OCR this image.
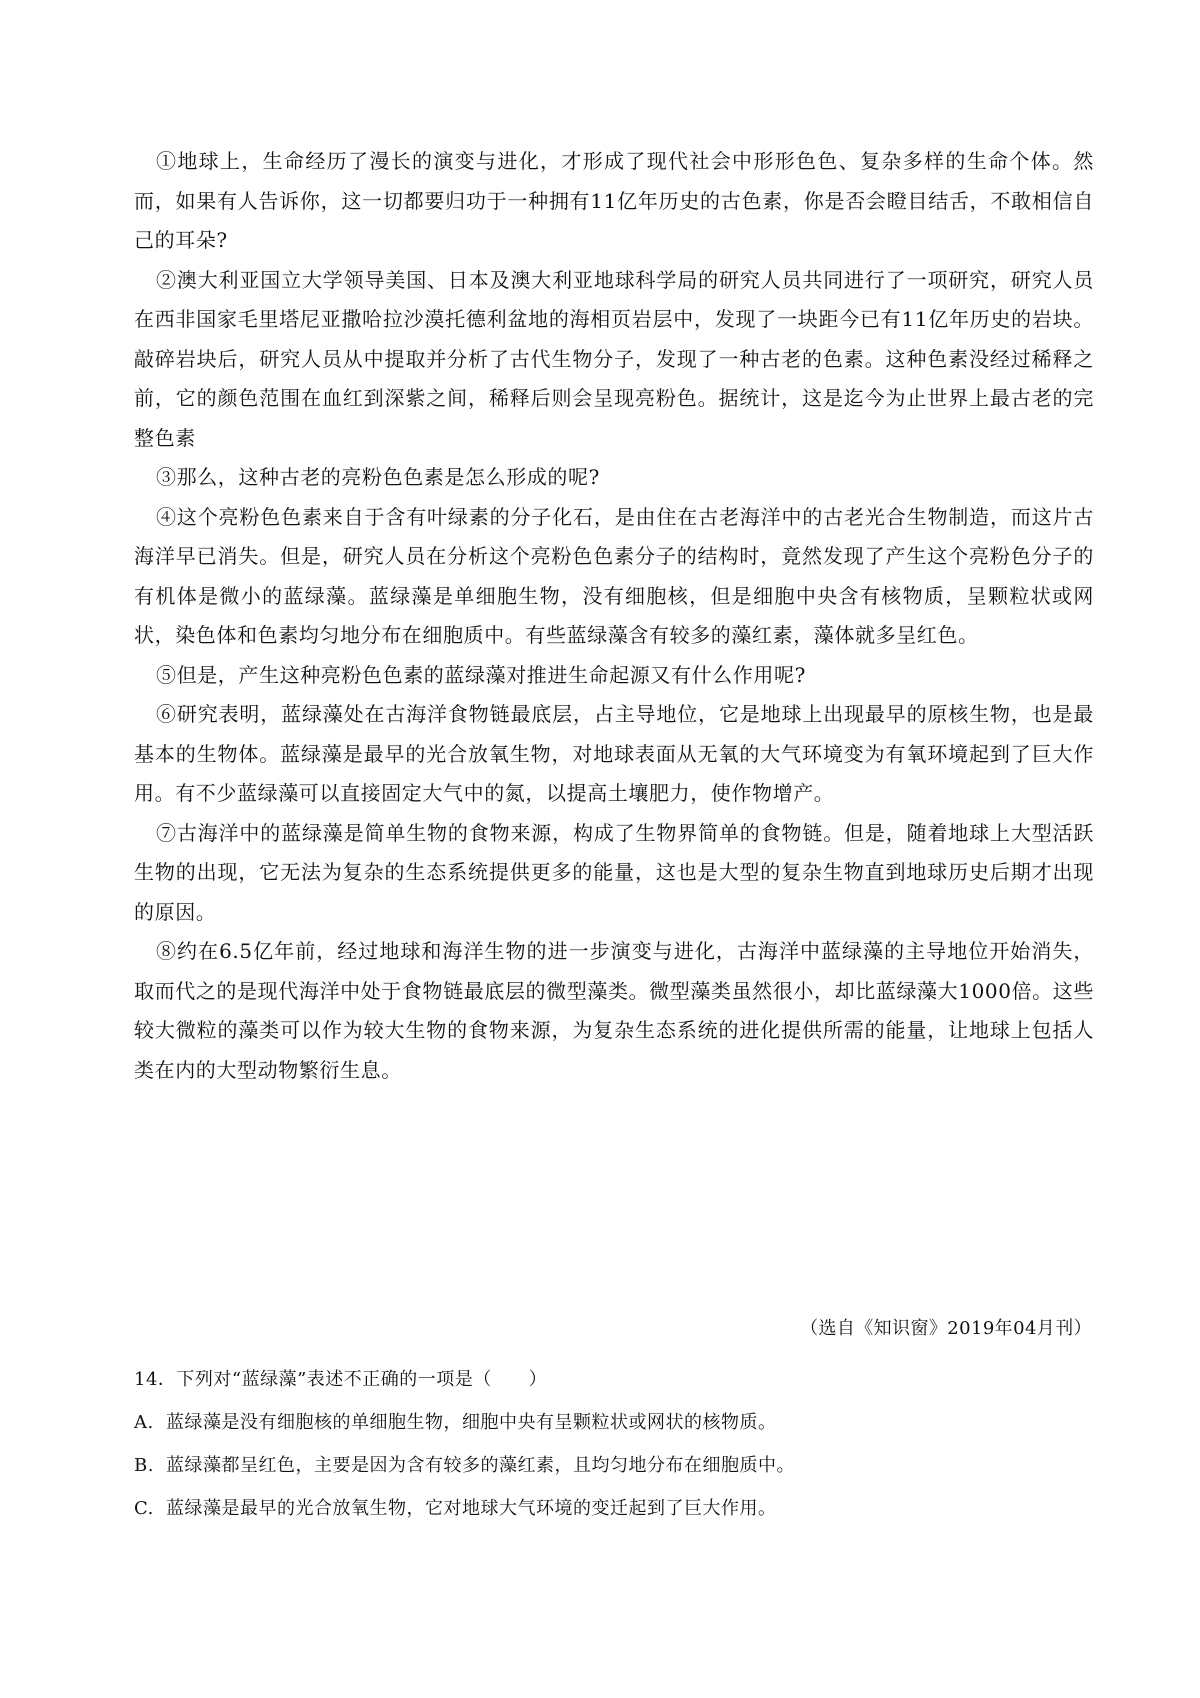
①地球上，生命经历了漫长的演变与进化，才形成了现代社会中形形色色、复杂多样的生命个体。然而，如果有人告诉你，这一切都要归功于一种拥有11亿年历史的古色素，你是否会瞪目结舌，不敢相信自己的耳朵?

②澳大利亚国立大学领导美国、日本及澳大利亚地球科学局的研究人员共同进行了一项研究，研究人员在西非国家毛里塔尼亚撒哈拉沙漠托德利盆地的海相页岩层中，发现了一块距今已有11亿年历史的岩块。敲碎岩块后，研究人员从中提取并分析了古代生物分子，发现了一种古老的色素。这种色素没经过稀释之前，它的颜色范围在血红到深紫之间，稀释后则会呈现亮粉色。据统计，这是迄今为止世界上最古老的完整色素

③那么，这种古老的亮粉色色素是怎么形成的呢?

④这个亮粉色色素来自于含有叶绿素的分子化石，是由住在古老海洋中的古老光合生物制造，而这片古海洋早已消失。但是，研究人员在分析这个亮粉色色素分子的结构时，竟然发现了产生这个亮粉色分子的有机体是微小的蓝绿藻。蓝绿藻是单细胞生物，没有细胞核，但是细胞中央含有核物质，呈颗粒状或网状，染色体和色素均匀地分布在细胞质中。有些蓝绿藻含有较多的藻红素，藻体就多呈红色。

⑤但是，产生这种亮粉色色素的蓝绿藻对推进生命起源又有什么作用呢?

⑥研究表明，蓝绿藻处在古海洋食物链最底层，占主导地位，它是地球上出现最早的原核生物，也是最基本的生物体。蓝绿藻是最早的光合放氧生物，对地球表面从无氧的大气环境变为有氧环境起到了巨大作用。有不少蓝绿藻可以直接固定大气中的氮，以提高土壤肥力，使作物增产。

⑦古海洋中的蓝绿藻是简单生物的食物来源，构成了生物界简单的食物链。但是，随着地球上大型活跃生物的出现，它无法为复杂的生态系统提供更多的能量，这也是大型的复杂生物直到地球历史后期才出现的原因。

⑧约在6.5亿年前，经过地球和海洋生物的进一步演变与进化，古海洋中蓝绿藻的主导地位开始消失，取而代之的是现代海洋中处于食物链最底层的微型藻类。微型藻类虽然很小，却比蓝绿藻大1000倍。这些较大微粒的藻类可以作为较大生物的食物来源，为复杂生态系统的进化提供所需的能量，让地球上包括人类在内的大型动物繁衍生息。

（选自《知识窗》2019年04月刊）

14．下列对“蓝绿藻”表述不正确的一项是（　　）

A. 蓝绿藻是没有细胞核的单细胞生物，细胞中央有呈颗粒状或网状的核物质。

B. 蓝绿藻都呈红色，主要是因为含有较多的藻红素，且均匀地分布在细胞质中。

C. 蓝绿藻是最早的光合放氧生物，它对地球大气环境的变迁起到了巨大作用。
